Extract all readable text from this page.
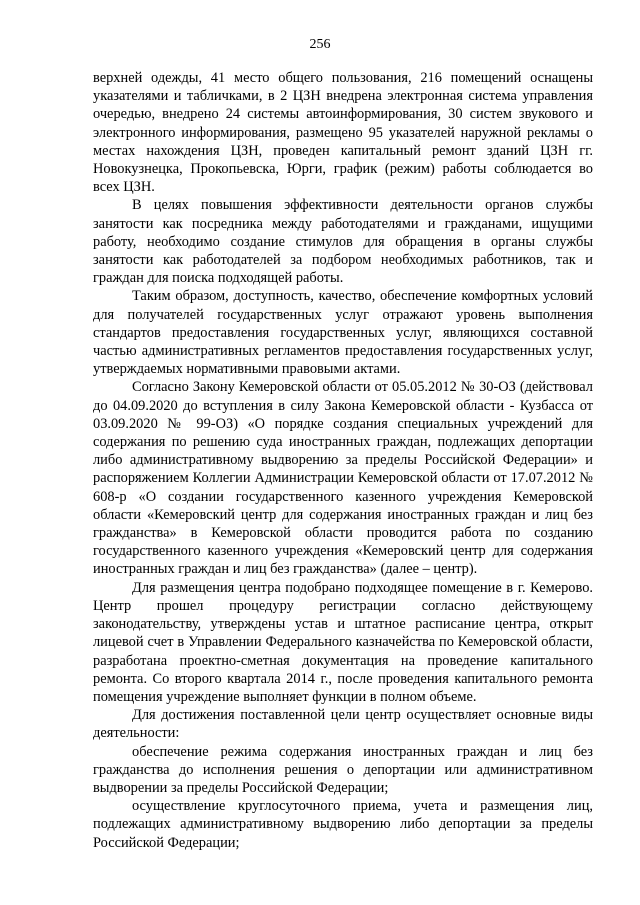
256

верхней одежды, 41 место общего пользования, 216 помещений оснащены указателями и табличками, в 2 ЦЗН внедрена электронная система управления очередью, внедрено 24 системы автоинформирования, 30 систем звукового и электронного информирования, размещено 95 указателей наружной рекламы о местах нахождения ЦЗН, проведен капитальный ремонт зданий ЦЗН гг. Новокузнецка, Прокопьевска, Юрги, график (режим) работы соблюдается во всех ЦЗН.

В целях повышения эффективности деятельности органов службы занятости как посредника между работодателями и гражданами, ищущими работу, необходимо создание стимулов для обращения в органы службы занятости как работодателей за подбором необходимых работников, так и граждан для поиска подходящей работы.

Таким образом, доступность, качество, обеспечение комфортных условий для получателей государственных услуг отражают уровень выполнения стандартов предоставления государственных услуг, являющихся составной частью административных регламентов предоставления государственных услуг, утверждаемых нормативными правовыми актами.

Согласно Закону Кемеровской области от 05.05.2012 № 30-ОЗ (действовал до 04.09.2020 до вступления в силу Закона Кемеровской области - Кузбасса от 03.09.2020 № 99-ОЗ) «О порядке создания специальных учреждений для содержания по решению суда иностранных граждан, подлежащих депортации либо административному выдворению за пределы Российской Федерации» и распоряжением Коллегии Администрации Кемеровской области от 17.07.2012 № 608-р «О создании государственного казенного учреждения Кемеровской области «Кемеровский центр для содержания иностранных граждан и лиц без гражданства» в Кемеровской области проводится работа по созданию государственного казенного учреждения «Кемеровский центр для содержания иностранных граждан и лиц без гражданства» (далее – центр).

Для размещения центра подобрано подходящее помещение в г. Кемерово. Центр прошел процедуру регистрации согласно действующему законодательству, утверждены устав и штатное расписание центра, открыт лицевой счет в Управлении Федерального казначейства по Кемеровской области, разработана проектно-сметная документация на проведение капитального ремонта. Со второго квартала 2014 г., после проведения капитального ремонта помещения учреждение выполняет функции в полном объеме.

Для достижения поставленной цели центр осуществляет основные виды деятельности:

обеспечение режима содержания иностранных граждан и лиц без гражданства до исполнения решения о депортации или административном выдворении за пределы Российской Федерации;

осуществление круглосуточного приема, учета и размещения лиц, подлежащих административному выдворению либо депортации за пределы Российской Федерации;
